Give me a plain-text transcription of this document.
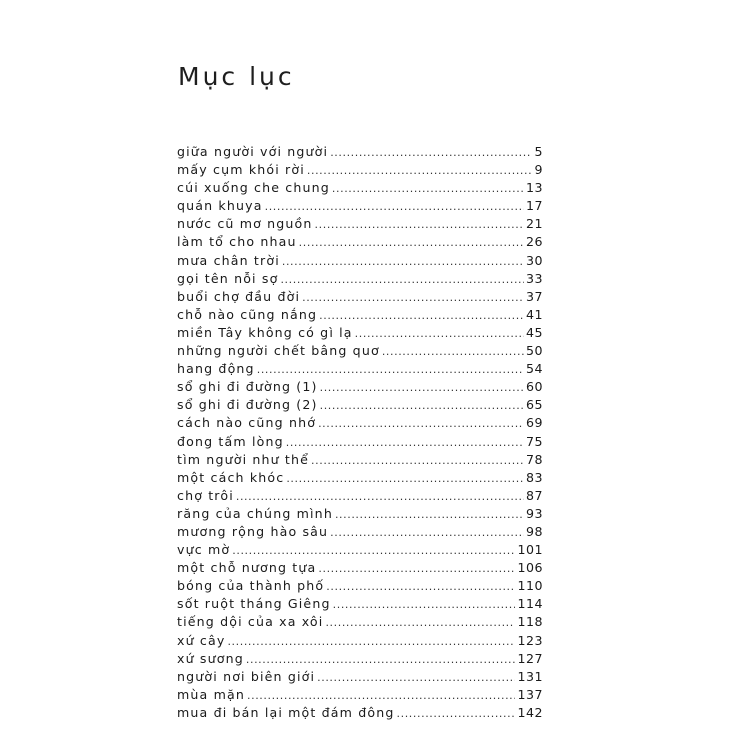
Mục lục
giữa người với người .....	5
mấy cụm khói rời .....	9
cúi xuống che chung .....	13
quán khuya .....	17
nước cũ mơ nguồn .....	21
làm tổ cho nhau .....	26
mưa chân trời .....	30
gọi tên nỗi sợ .....	33
buổi chợ đầu đời .....	37
chỗ nào cũng nắng .....	41
miền Tây không có gì lạ .....	45
những người chết bâng quơ .....	50
hang động .....	54
sổ ghi đi đường (1) .....	60
sổ ghi đi đường (2) .....	65
cách nào cũng nhớ .....	69
đong tấm lòng .....	75
tìm người như thể .....	78
một cách khóc .....	83
chợ trôi .....	87
răng của chúng mình .....	93
mương rộng hào sâu .....	98
vực mờ .....	101
một chỗ nương tựa .....	106
bóng của thành phố .....	110
sốt ruột tháng Giêng .....	114
tiếng dội của xa xôi .....	118
xứ cây .....	123
xứ sương .....	127
người nơi biên giới .....	131
mùa mặn .....	137
mua đi bán lại một đám đông .....	142
